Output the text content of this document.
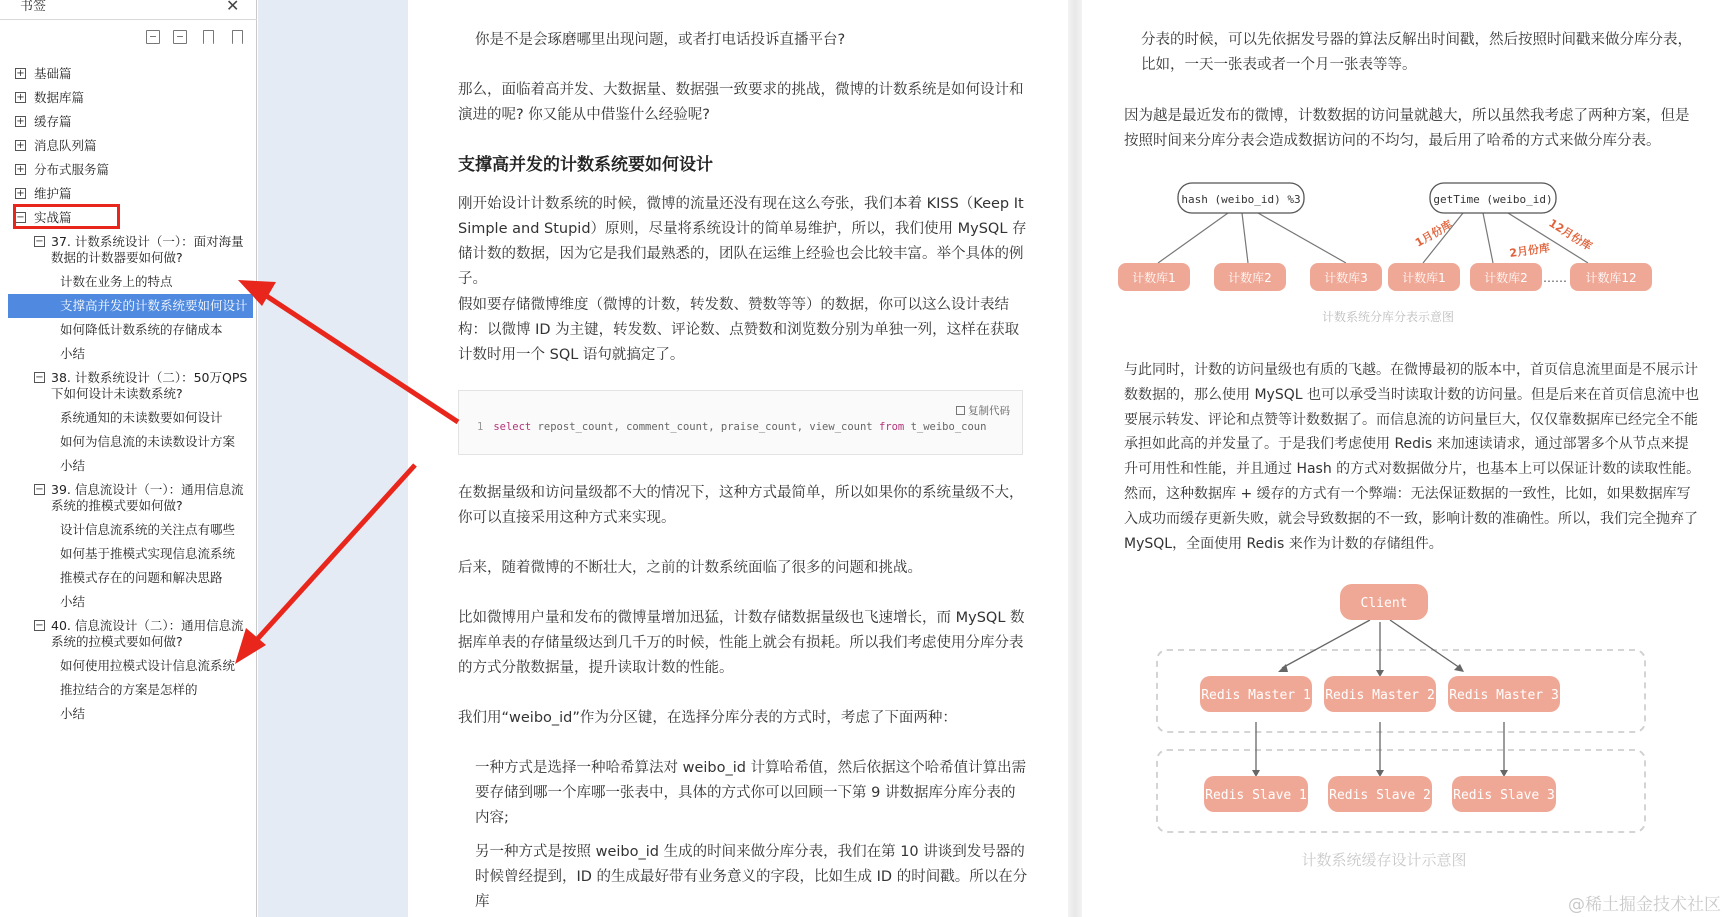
书签	✕
+ 基础篇
+ 数据库篇
+ 缓存篇
+ 消息队列篇
+ 分布式服务篇
+ 维护篇
− 实战篇
− 37. 计数系统设计（一）：面对海量数据的计数器要如何做?
计数在业务上的特点
支撑高并发的计数系统要如何设计
如何降低计数系统的存储成本
小结
− 38. 计数系统设计（二）：50万QPS下如何设计未读数系统?
系统通知的未读数要如何设计
如何为信息流的未读数设计方案
小结
− 39. 信息流设计（一）：通用信息流系统的推模式要如何做?
设计信息流系统的关注点有哪些
如何基于推模式实现信息流系统
推模式存在的问题和解决思路
小结
− 40. 信息流设计（二）：通用信息流系统的拉模式要如何做?
如何使用拉模式设计信息流系统
推拉结合的方案是怎样的
小结
你是不是会琢磨哪里出现问题，或者打电话投诉直播平台?
那么，面临着高并发、大数据量、数据强一致要求的挑战，微博的计数系统是如何设计和演进的呢? 你又能从中借鉴什么经验呢?
支撑高并发的计数系统要如何设计
刚开始设计计数系统的时候，微博的流量还没有现在这么夸张，我们本着 KISS（Keep It Simple and Stupid）原则，尽量将系统设计的简单易维护，所以，我们使用 MySQL 存储计数的数据，因为它是我们最熟悉的，团队在运维上经验也会比较丰富。举个具体的例子。
假如要存储微博维度（微博的计数，转发数、赞数等等）的数据，你可以这么设计表结构：以微博 ID 为主键，转发数、评论数、点赞数和浏览数分别为单独一列，这样在获取计数时用一个 SQL 语句就搞定了。
复制代码
1 select repost_count, comment_count, praise_count, view_count from t_weibo_coun
在数据量级和访问量级都不大的情况下，这种方式最简单，所以如果你的系统量级不大，你可以直接采用这种方式来实现。
后来，随着微博的不断壮大，之前的计数系统面临了很多的问题和挑战。
比如微博用户量和发布的微博量增加迅猛，计数存储数据量级也飞速增长，而 MySQL 数据库单表的存储量级达到几千万的时候，性能上就会有损耗。所以我们考虑使用分库分表的方式分散数据量，提升读取计数的性能。
我们用“weibo_id”作为分区键，在选择分库分表的方式时，考虑了下面两种：
一种方式是选择一种哈希算法对 weibo_id 计算哈希值，然后依据这个哈希值计算出需要存储到哪一个库哪一张表中，具体的方式你可以回顾一下第 9 讲数据库分库分表的内容;
另一种方式是按照 weibo_id 生成的时间来做分库分表，我们在第 10 讲谈到发号器的时候曾经提到，ID 的生成最好带有业务意义的字段，比如生成 ID 的时间戳。所以在分库
分表的时候，可以先依据发号器的算法反解出时间戳，然后按照时间戳来做分库分表，比如，一天一张表或者一个月一张表等等。
因为越是最近发布的微博，计数数据的访问量就越大，所以虽然我考虑了两种方案，但是按照时间来分库分表会造成数据访问的不均匀，最后用了哈希的方式来做分库分表。
hash (weibo_id) %3	getTime (weibo_id)
计数库1	计数库2	计数库3	计数库1	计数库2	计数库12
……
1月份库
2月份库
12月份库
计数系统分库分表示意图
与此同时，计数的访问量级也有质的飞越。在微博最初的版本中，首页信息流里面是不展示计数数据的，那么使用 MySQL 也可以承受当时读取计数的访问量。但是后来在首页信息流中也要展示转发、评论和点赞等计数数据了。而信息流的访问量巨大，仅仅靠数据库已经完全不能承担如此高的并发量了。于是我们考虑使用 Redis 来加速读请求，通过部署多个从节点来提升可用性和性能，并且通过 Hash 的方式对数据做分片，也基本上可以保证计数的读取性能。然而，这种数据库 + 缓存的方式有一个弊端：无法保证数据的一致性，比如，如果数据库写入成功而缓存更新失败，就会导致数据的不一致，影响计数的准确性。所以，我们完全抛弃了 MySQL，全面使用 Redis 来作为计数的存储组件。
Client
Redis Master 1 Redis Master 2 Redis Master 3
Redis Slave 1 Redis Slave 2 Redis Slave 3
计数系统缓存设计示意图
@稀土掘金技术社区
